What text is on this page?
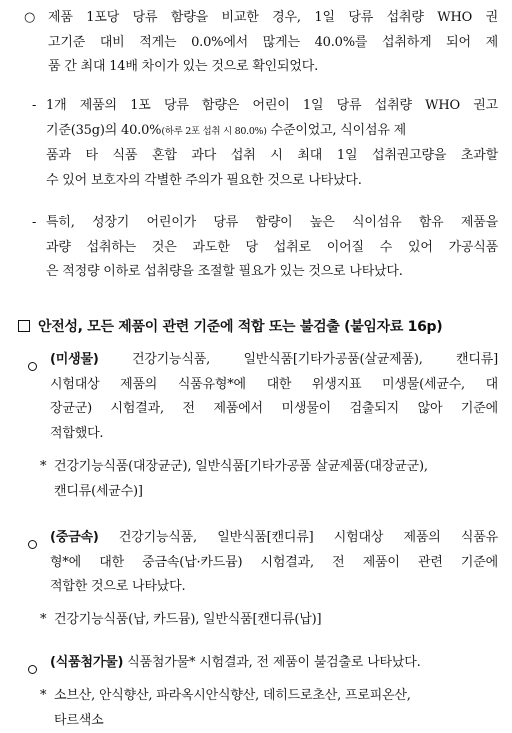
○ 제품 1포당 당류 함량을 비교한 경우, 1일 당류 섭취량 WHO 권
고기준 대비 적게는 0.0%에서 많게는 40.0%를 섭취하게 되어 제
품 간 최대 14배 차이가 있는 것으로 확인되었다.
- 1개 제품의 1포 당류 함량은 어린이 1일 당류 섭취량 WHO 권고
기준(35g)의 40.0%(하루 2포 섭취 시 80.0%) 수준이었고, 식이섬유 제
품과 타 식품 혼합 과다 섭취 시 최대 1일 섭취권고량을 초과할
수 있어 보호자의 각별한 주의가 필요한 것으로 나타났다.
- 특히, 성장기 어린이가 당류 함량이 높은 식이섬유 함유 제품을
과량 섭취하는 것은 과도한 당 섭취로 이어질 수 있어 가공식품
은 적정량 이하로 섭취량을 조절할 필요가 있는 것으로 나타났다.
안전성, 모든 제품이 관련 기준에 적합 또는 불검출 (붙임자료 16p)
(미생물) 건강기능식품, 일반식품[기타가공품(살균제품), 캔디류]
시험대상 제품의 식품유형*에 대한 위생지표 미생물(세균수, 대
장균군) 시험결과, 전 제품에서 미생물이 검출되지 않아 기준에
적합했다.
* 건강기능식품(대장균군), 일반식품[기타가공품 살균제품(대장균군),
캔디류(세균수)]
(중금속) 건강기능식품, 일반식품[캔디류] 시험대상 제품의 식품유
형*에 대한 중금속(납·카드뮴) 시험결과, 전 제품이 관련 기준에
적합한 것으로 나타났다.
* 건강기능식품(납, 카드뮴), 일반식품[캔디류(납)]
(식품첨가물) 식품첨가물* 시험결과, 전 제품이 불검출로 나타났다.
* 소브산, 안식향산, 파라옥시안식향산, 데히드로초산, 프로피온산,
타르색소
